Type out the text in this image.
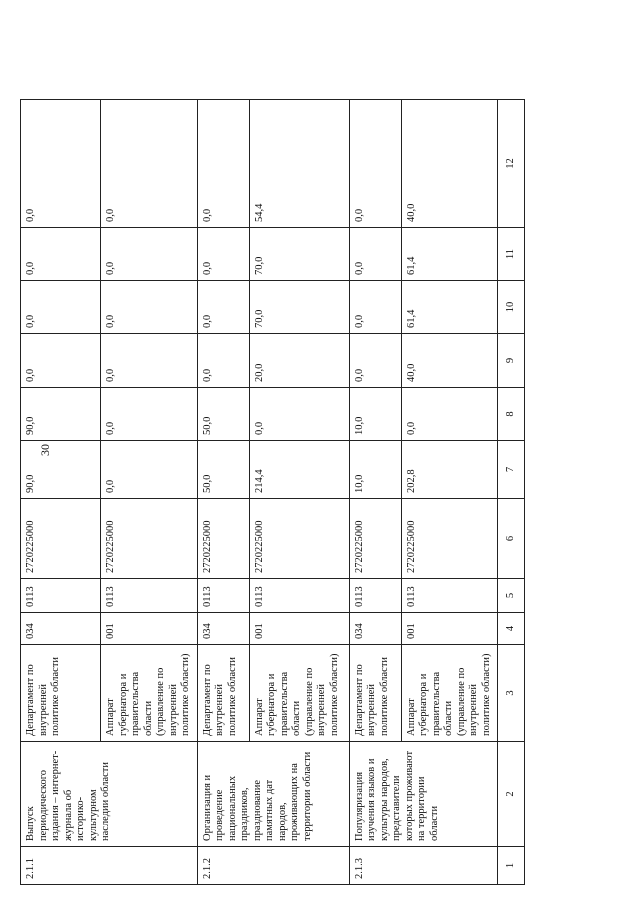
30
2.1.1	Выпуск периодического издания – интернет-журнала об историко-культурном наследии области	Департамент по внутренней политике области	034	0113	2720225000	90,0	90,0	0,0	0,0	0,0	0,0
		Аппарат губернатора и правительства области (управление по внутренней политике области)	001	0113	2720225000	0,0	0,0	0,0	0,0	0,0	0,0
2.1.2	Организация и проведение национальных праздников, празднование памятных дат народов, проживающих на территории области	Департамент по внутренней политике области	034	0113	2720225000	50,0	50,0	0,0	0,0	0,0	0,0
		Аппарат губернатора и правительства области (управление по внутренней политике области)	001	0113	2720225000	214,4	0,0	20,0	70,0	70,0	54,4
2.1.3	Популяризация изучения языков и культуры народов, представители которых проживают на территории области	Департамент по внутренней политике области	034	0113	2720225000	10,0	10,0	0,0	0,0	0,0	0,0
		Аппарат губернатора и правительства области (управление по внутренней политике области)	001	0113	2720225000	202,8	0,0	40,0	61,4	61,4	40,0
1	2	3	4	5	6	7	8	9	10	11	12
